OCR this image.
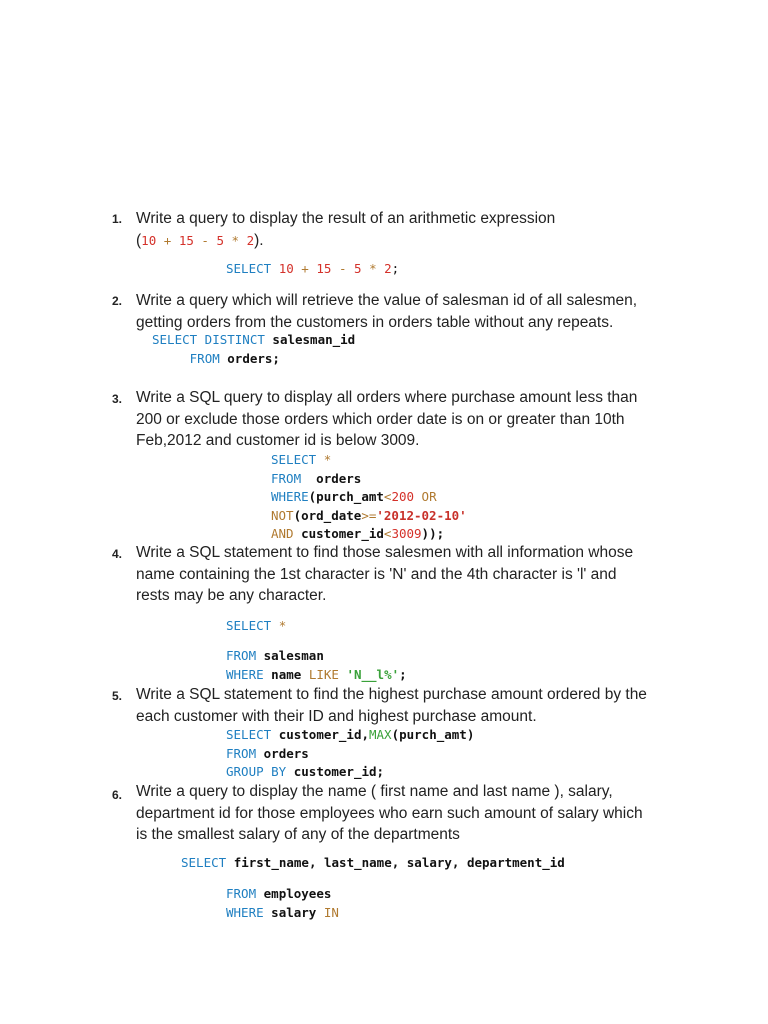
1. Write a query to display the result of an arithmetic expression
(10 + 15 - 5 * 2).
SELECT 10 + 15 - 5 * 2;
2. Write a query which will retrieve the value of salesman id of all salesmen,
getting orders from the customers in orders table without any repeats.
SELECT DISTINCT salesman_id
FROM orders;
3. Write a SQL query to display all orders where purchase amount less than
200 or exclude those orders which order date is on or greater than 10th
Feb,2012 and customer id is below 3009.
SELECT *
FROM orders
WHERE(purch_amt<200 OR
NOT(ord_date>='2012-02-10'
AND customer_id<3009));
4. Write a SQL statement to find those salesmen with all information whose
name containing the 1st character is 'N' and the 4th character is 'l' and
rests may be any character.
SELECT *
FROM salesman
WHERE name LIKE 'N__l%';
5. Write a SQL statement to find the highest purchase amount ordered by the
each customer with their ID and highest purchase amount.
SELECT customer_id,MAX(purch_amt)
FROM orders
GROUP BY customer_id;
6. Write a query to display the name ( first name and last name ), salary,
department id for those employees who earn such amount of salary which
is the smallest salary of any of the departments
SELECT first_name, last_name, salary, department_id
FROM employees
WHERE salary IN
